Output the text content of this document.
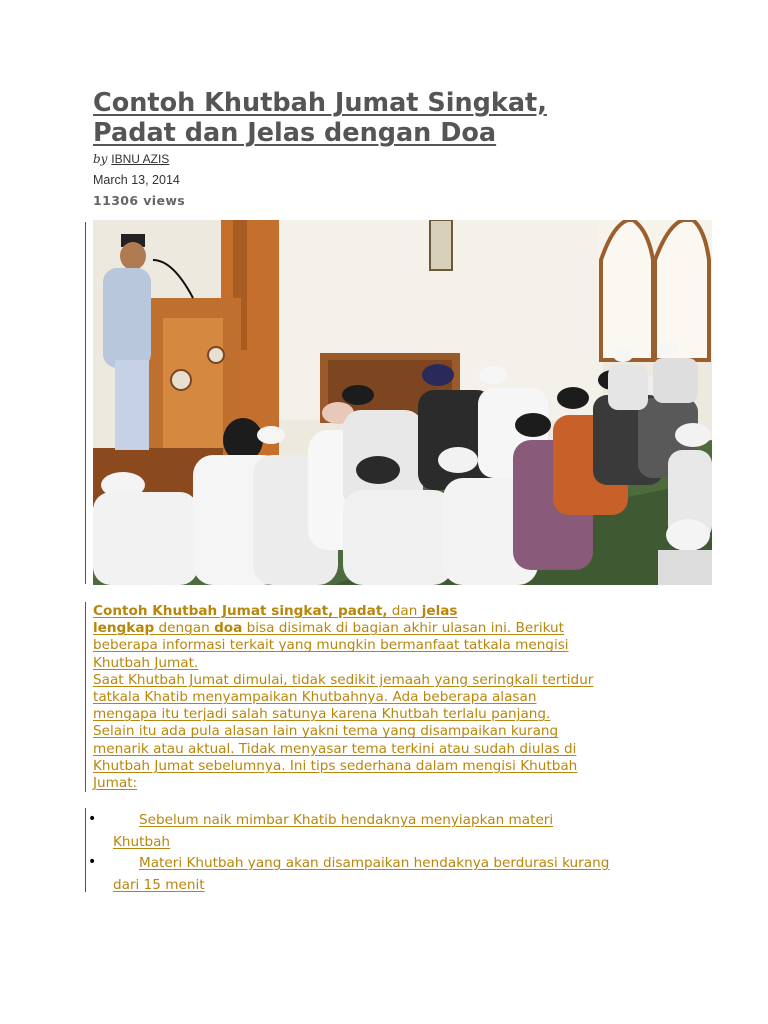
Contoh Khutbah Jumat Singkat,
Padat dan Jelas dengan Doa
by IBNU AZIS
March 13, 2014
11306 views
Contoh Khutbah Jumat singkat, padat, dan jelas
lengkap dengan doa bisa disimak di bagian akhir ulasan ini. Berikut
beberapa informasi terkait yang mungkin bermanfaat tatkala mengisi
Khutbah Jumat.
Saat Khutbah Jumat dimulai, tidak sedikit jemaah yang seringkali tertidur
tatkala Khatib menyampaikan Khutbahnya. Ada beberapa alasan
mengapa itu terjadi salah satunya karena Khutbah terlalu panjang.
Selain itu ada pula alasan lain yakni tema yang disampaikan kurang
menarik atau aktual. Tidak menyasar tema terkini atau sudah diulas di
Khutbah Jumat sebelumnya. Ini tips sederhana dalam mengisi Khutbah
Jumat:
•	Sebelum naik mimbar Khatib hendaknya menyiapkan materi
Khutbah
•	Materi Khutbah yang akan disampaikan hendaknya berdurasi kurang
dari 15 menit
